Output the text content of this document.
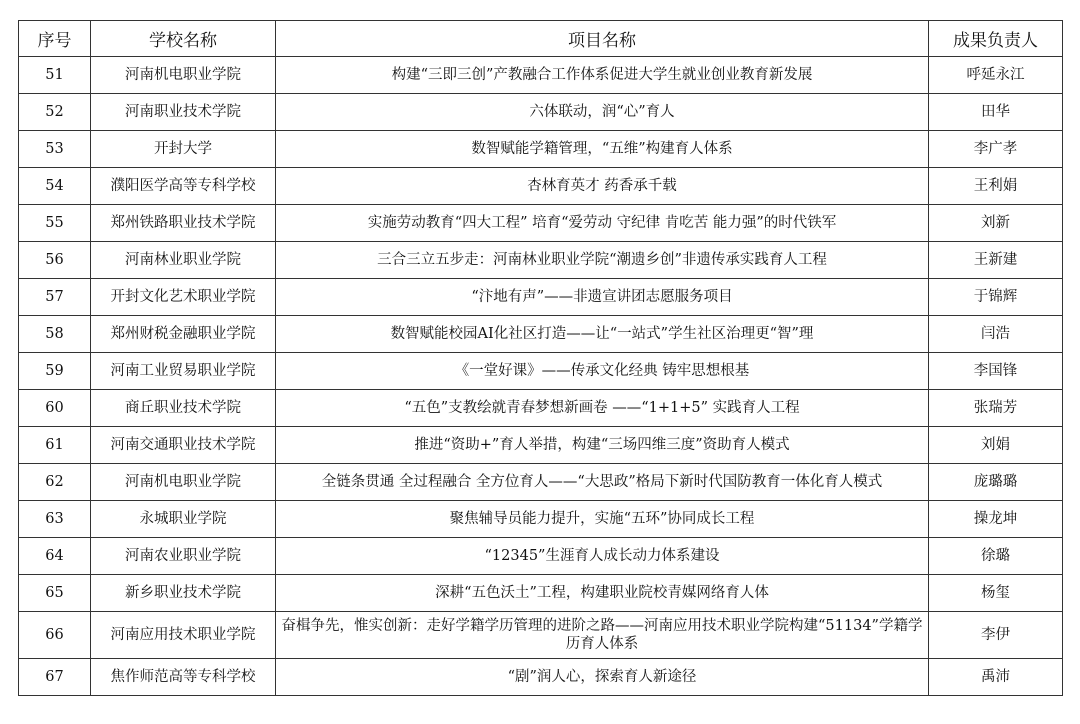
序号	学校名称	项目名称	成果负责人
51	河南机电职业学院	构建“三即三创”产教融合工作体系促进大学生就业创业教育新发展	呼延永江
52	河南职业技术学院	六体联动，润“心”育人	田华
53	开封大学	数智赋能学籍管理，“五维”构建育人体系	李广孝
54	濮阳医学高等专科学校	杏林育英才 药香承千载	王利娟
55	郑州铁路职业技术学院	实施劳动教育“四大工程” 培育“爱劳动 守纪律 肯吃苦 能力强”的时代铁军	刘新
56	河南林业职业学院	三合三立五步走：河南林业职业学院“潮遗乡创”非遗传承实践育人工程	王新建
57	开封文化艺术职业学院	“汴地有声”——非遗宣讲团志愿服务项目	于锦辉
58	郑州财税金融职业学院	数智赋能校园AI化社区打造——让“一站式”学生社区治理更“智”理	闫浩
59	河南工业贸易职业学院	《一堂好课》——传承文化经典 铸牢思想根基	李国锋
60	商丘职业技术学院	“五色”支教绘就青春梦想新画卷 ——“1+1+5” 实践育人工程	张瑞芳
61	河南交通职业技术学院	推进“资助+”育人举措，构建“三场四维三度”资助育人模式	刘娟
62	河南机电职业学院	全链条贯通 全过程融合 全方位育人——“大思政”格局下新时代国防教育一体化育人模式	庞璐璐
63	永城职业学院	聚焦辅导员能力提升，实施“五环”协同成长工程	操龙坤
64	河南农业职业学院	“12345”生涯育人成长动力体系建设	徐璐
65	新乡职业技术学院	深耕“五色沃土”工程，构建职业院校青媒网络育人体	杨玺
66	河南应用技术职业学院	奋楫争先，惟实创新：走好学籍学历管理的进阶之路——河南应用技术职业学院构建“51134”学籍学历育人体系	李伊
67	焦作师范高等专科学校	“剧”润人心，探索育人新途径	禹沛
